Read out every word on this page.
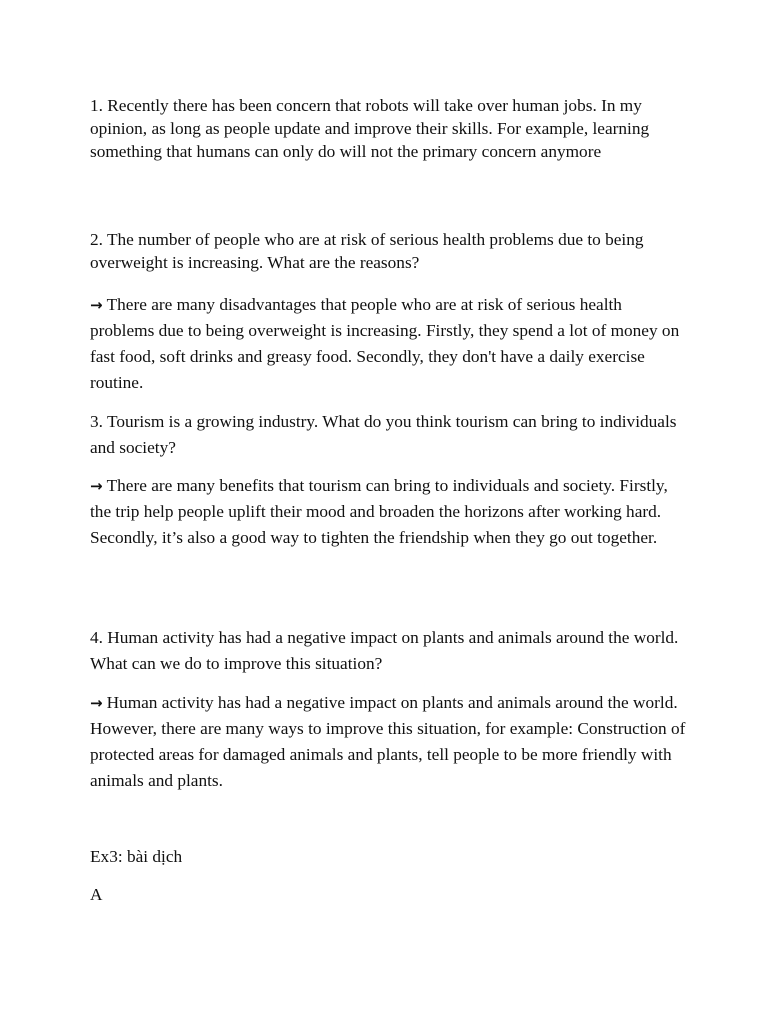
1. Recently there has been concern that robots will take over human jobs. In my opinion, as long as people update and improve their skills. For example, learning something that humans can only do will not the primary concern anymore

2. The number of people who are at risk of serious health problems due to being overweight is increasing. What are the reasons?

→ There are many disadvantages that people who are at risk of serious health problems due to being overweight is increasing. Firstly, they spend a lot of money on fast food, soft drinks and greasy food. Secondly, they don't have a daily exercise routine.

3. Tourism is a growing industry. What do you think tourism can bring to individuals and society?

→ There are many benefits that tourism can bring to individuals and society. Firstly, the trip help people uplift their mood and broaden the horizons after working hard. Secondly, it’s also a good way to tighten the friendship when they go out together.

4. Human activity has had a negative impact on plants and animals around the world. What can we do to improve this situation?

→ Human activity has had a negative impact on plants and animals around the world. However, there are many ways to improve this situation, for example: Construction of protected areas for damaged animals and plants, tell people to be more friendly with animals and plants.

Ex3: bài dịch

A
